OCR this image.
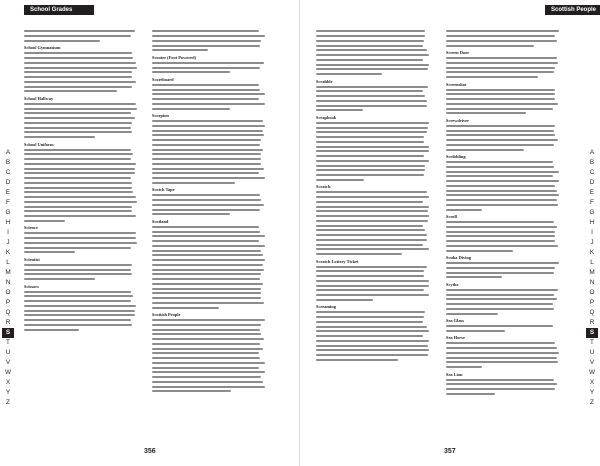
School Grades
School Gymnasium
School Hallway
School Uniform
Science
Scientist
Scissors
Scooter (Foot Powered)
Scoreboard
Scorpion
Scotch Tape
Scotland
Scottish People
A
B
C
D
E
F
G
H
I
J
K
L
M
N
O
P
Q
R
S
T
U
V
W
X
Y
Z
356
Scottish People
Scrabble
Scrapbook
Scratch
Scratch Lottery Ticket
Screaming
Screen Door
Screenshot
Screwdriver
Scribbling
Scroll
Scuba Diving
Scythe
Sea Glass
Sea Horse
Sea Lion
A
B
C
D
E
F
G
H
I
J
K
L
M
N
O
P
Q
R
S
T
U
V
W
X
Y
Z
357
